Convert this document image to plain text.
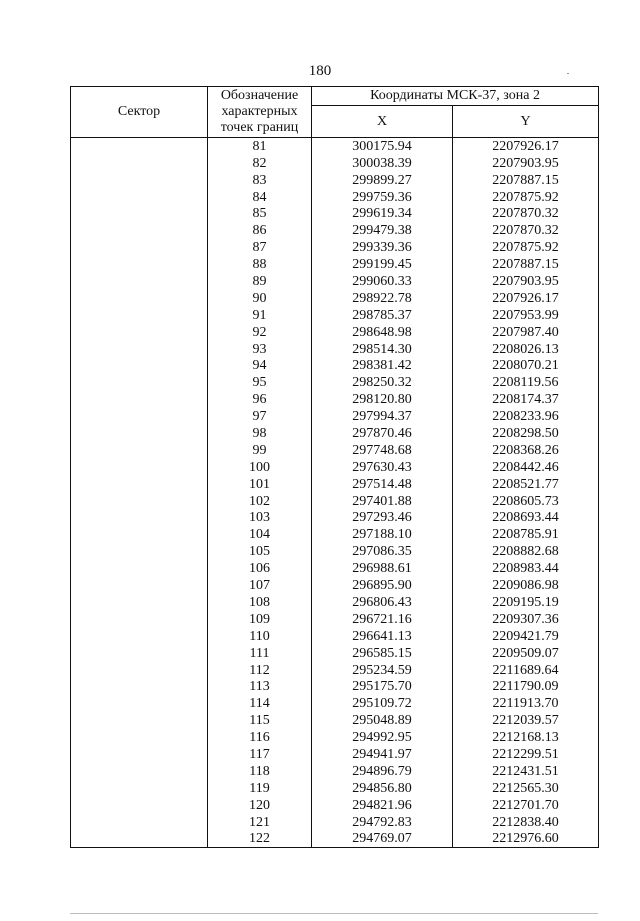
180
Сектор	Обозначение
характерных
точек границ	Координаты МСК-37, зона 2	
		X	Y
	81	300175.94	2207926.17
	82	300038.39	2207903.95
	83	299899.27	2207887.15
	84	299759.36	2207875.92
	85	299619.34	2207870.32
	86	299479.38	2207870.32
	87	299339.36	2207875.92
	88	299199.45	2207887.15
	89	299060.33	2207903.95
	90	298922.78	2207926.17
	91	298785.37	2207953.99
	92	298648.98	2207987.40
	93	298514.30	2208026.13
	94	298381.42	2208070.21
	95	298250.32	2208119.56
	96	298120.80	2208174.37
	97	297994.37	2208233.96
	98	297870.46	2208298.50
	99	297748.68	2208368.26
	100	297630.43	2208442.46
	101	297514.48	2208521.77
	102	297401.88	2208605.73
	103	297293.46	2208693.44
	104	297188.10	2208785.91
	105	297086.35	2208882.68
	106	296988.61	2208983.44
	107	296895.90	2209086.98
	108	296806.43	2209195.19
	109	296721.16	2209307.36
	110	296641.13	2209421.79
	111	296585.15	2209509.07
	112	295234.59	2211689.64
	113	295175.70	2211790.09
	114	295109.72	2211913.70
	115	295048.89	2212039.57
	116	294992.95	2212168.13
	117	294941.97	2212299.51
	118	294896.79	2212431.51
	119	294856.80	2212565.30
	120	294821.96	2212701.70
	121	294792.83	2212838.40
	122	294769.07	2212976.60
